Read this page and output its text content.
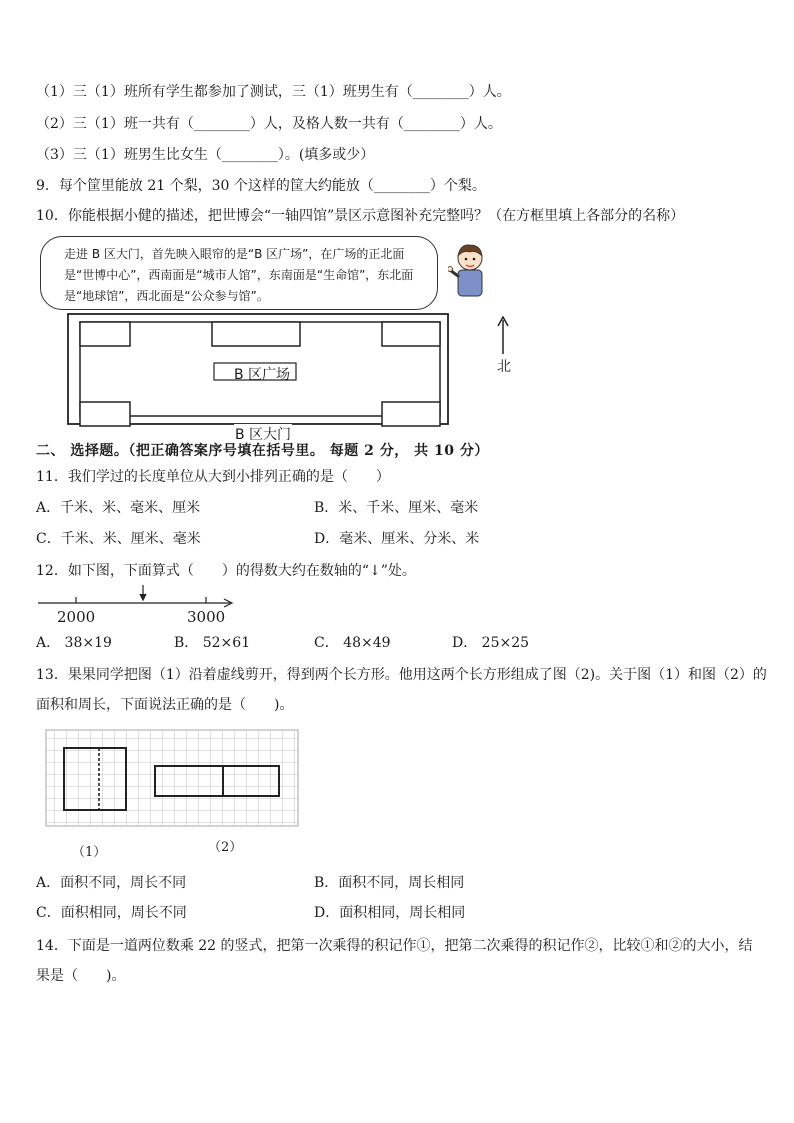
（1）三（1）班所有学生都参加了测试，三（1）班男生有（________）人。
（2）三（1）班一共有（________）人，及格人数一共有（________）人。
（3）三（1）班男生比女生（________）。(填多或少）
9．每个筐里能放 21 个梨，30 个这样的筐大约能放（________）个梨。
10．你能根据小健的描述，把世博会“一轴四馆”景区示意图补充完整吗？（在方框里填上各部分的名称）
走进 B 区大门，首先映入眼帘的是“B 区广场”，在广场的正北面是“世博中心”，西南面是“城市人馆”，东南面是“生命馆”，东北面是“地球馆”，西北面是“公众参与馆”。
B 区广场
B 区大门
北
二、 选择题。（把正确答案序号填在括号里。 每题 2 分， 共 10 分）
11．我们学过的长度单位从大到小排列正确的是（　　）
A．千米、米、毫米、厘米	B．米、千米、厘米、毫米
C．千米、米、厘米、毫米	D．毫米、厘米、分米、米
12．如下图，下面算式（　　）的得数大约在数轴的“↓”处。
2000	3000
A． 38×19	B． 52×61	C． 48×49	D． 25×25
13．果果同学把图（1）沿着虚线剪开，得到两个长方形。他用这两个长方形组成了图（2)。关于图（1）和图（2）的
面积和周长，下面说法正确的是（　　)。
（1）	（2）
A．面积不同，周长不同	B．面积不同，周长相同
C．面积相同，周长不同	D．面积相同，周长相同
14．下面是一道两位数乘 22 的竖式，把第一次乘得的积记作①，把第二次乘得的积记作②，比较①和②的大小，结
果是（　　)。
